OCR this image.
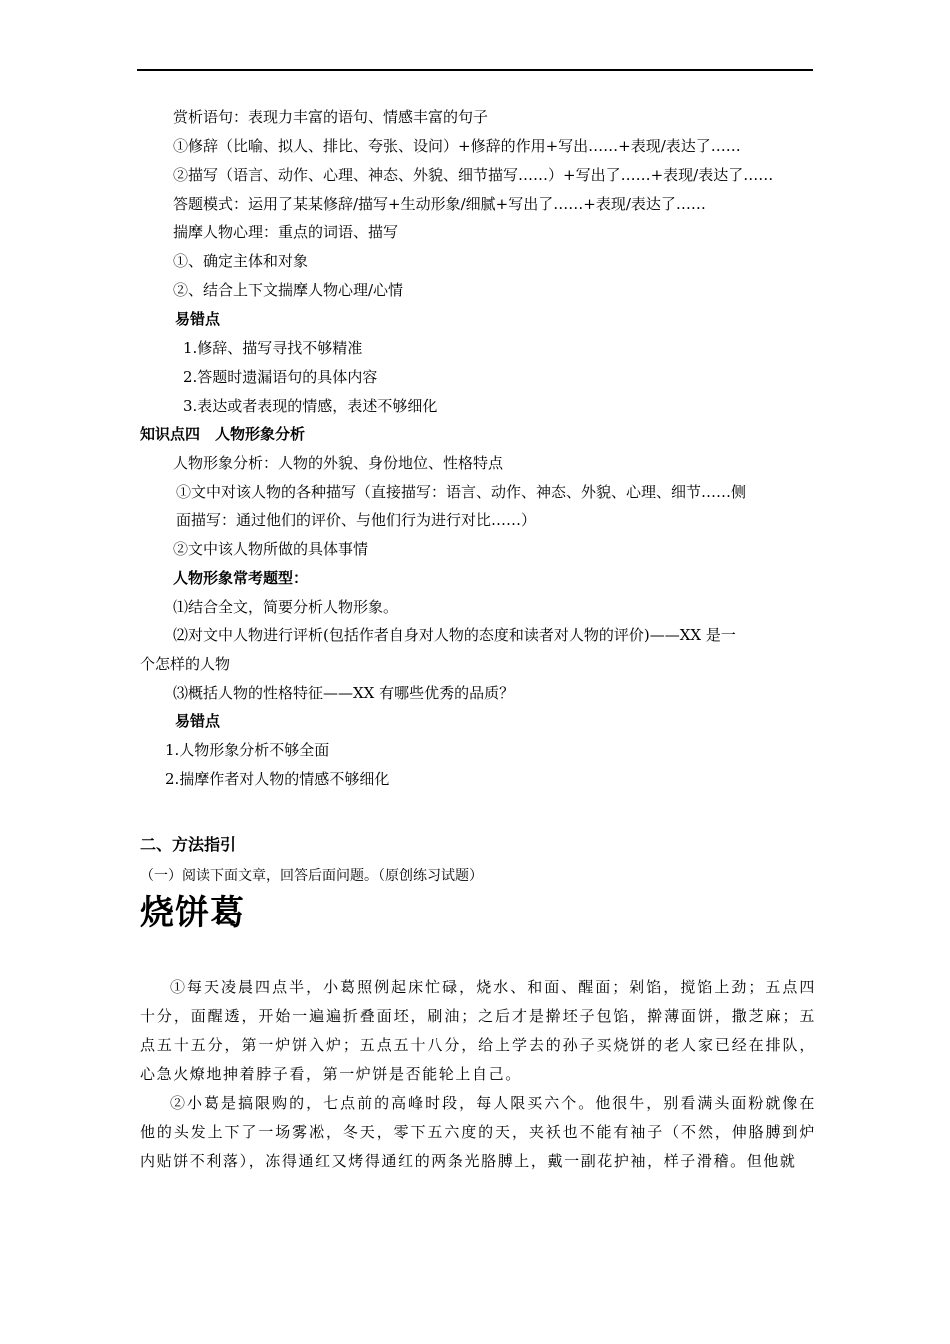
赏析语句：表现力丰富的语句、情感丰富的句子
①修辞（比喻、拟人、排比、夸张、设问）+修辞的作用+写出……+表现/表达了……
②描写（语言、动作、心理、神态、外貌、细节描写……）+写出了……+表现/表达了……
答题模式：运用了某某修辞/描写+生动形象/细腻+写出了……+表现/表达了……
揣摩人物心理：重点的词语、描写
①、确定主体和对象
②、结合上下文揣摩人物心理/心情
易错点
1.修辞、描写寻找不够精准
2.答题时遗漏语句的具体内容
3.表达或者表现的情感，表述不够细化
知识点四　人物形象分析
人物形象分析：人物的外貌、身份地位、性格特点
①文中对该人物的各种描写（直接描写：语言、动作、神态、外貌、心理、细节……侧
面描写：通过他们的评价、与他们行为进行对比……）
②文中该人物所做的具体事情
人物形象常考题型：
⑴结合全文，简要分析人物形象。
⑵对文中人物进行评析(包括作者自身对人物的态度和读者对人物的评价)——XX 是一
个怎样的人物
⑶概括人物的性格特征——XX 有哪些优秀的品质？
易错点
1.人物形象分析不够全面
2.揣摩作者对人物的情感不够细化
二、方法指引
（一）阅读下面文章，回答后面问题。（原创练习试题）
烧饼葛

①每天凌晨四点半，小葛照例起床忙碌，烧水、和面、醒面；剁馅，搅馅上劲；五点四十分，面醒透，开始一遍遍折叠面坯，刷油；之后才是擀坯子包馅，擀薄面饼，撒芝麻；五点五十五分，第一炉饼入炉；五点五十八分，给上学去的孙子买烧饼的老人家已经在排队，心急火燎地抻着脖子看，第一炉饼是否能轮上自己。

②小葛是搞限购的，七点前的高峰时段，每人限买六个。他很牛，别看满头面粉就像在他的头发上下了一场雾凇，冬天，零下五六度的天，夹袄也不能有袖子（不然，伸胳膊到炉内贴饼不利落），冻得通红又烤得通红的两条光胳膊上，戴一副花护袖，样子滑稽。但他就
